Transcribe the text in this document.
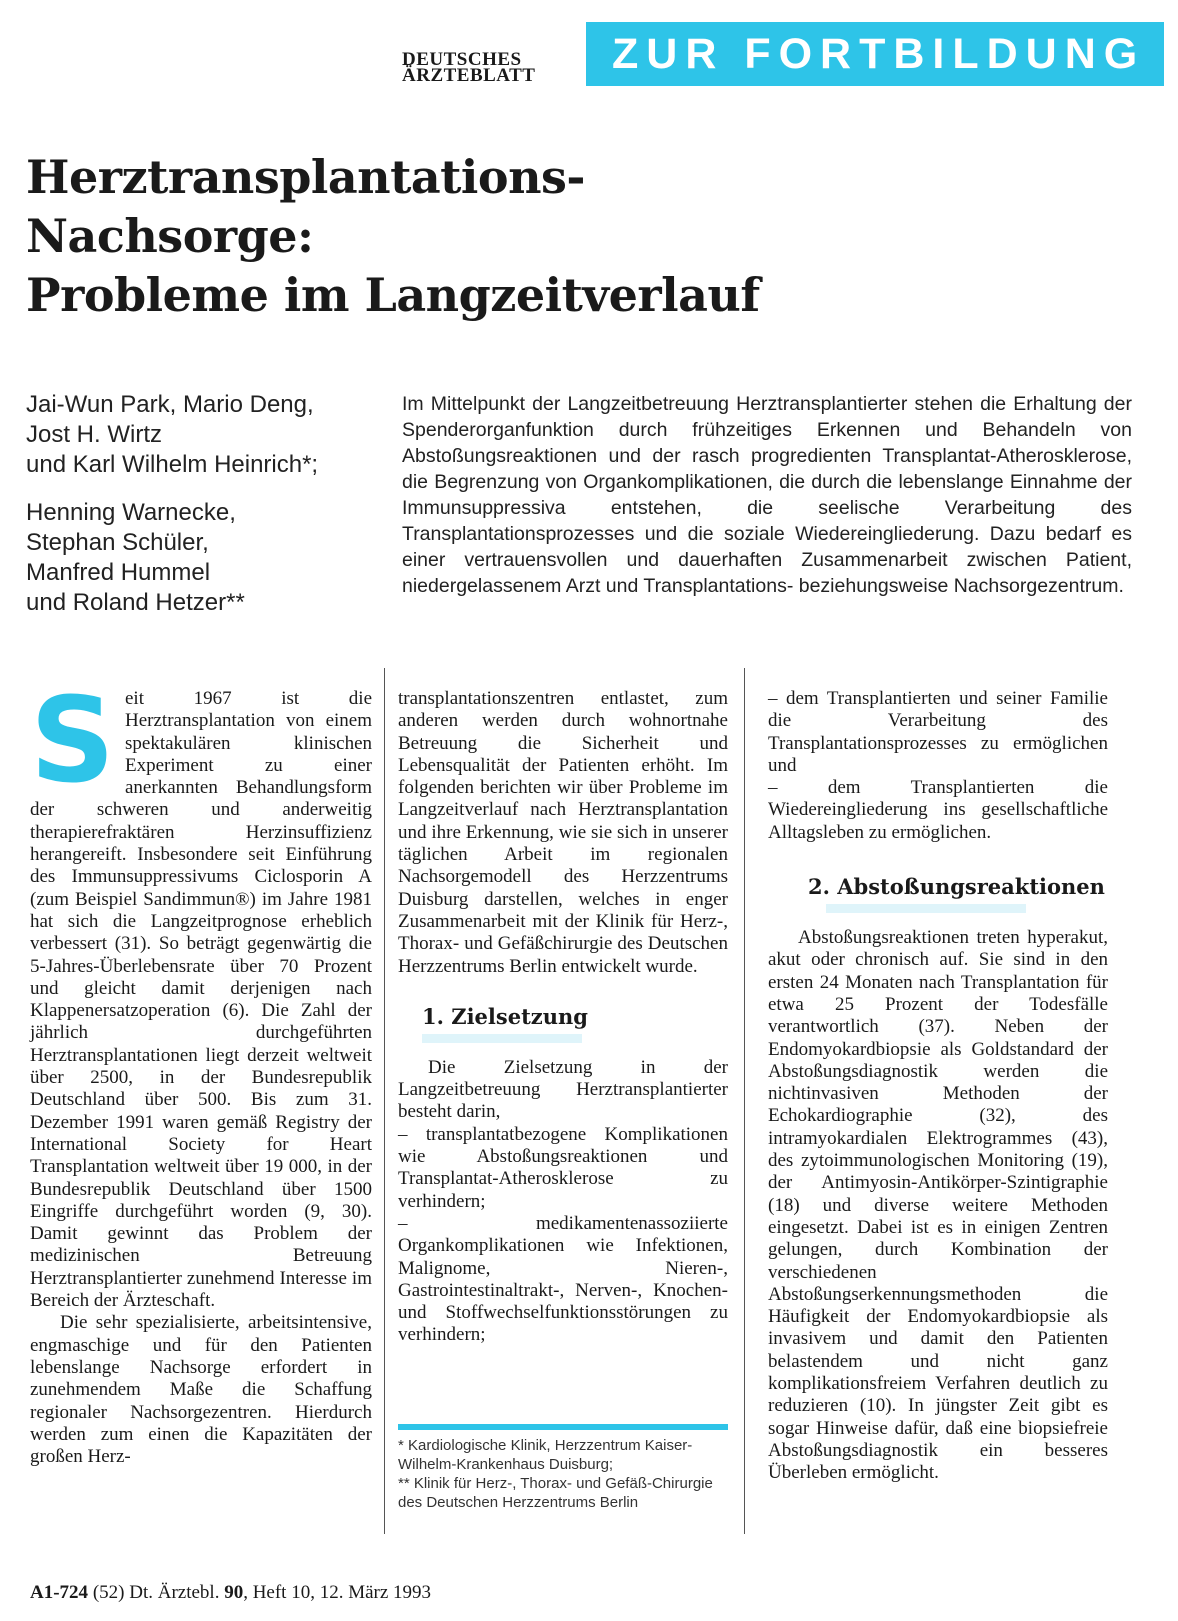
DEUTSCHES
ÄRZTEBLATT	ZUR FORTBILDUNG
Herztransplantations-
Nachsorge:
Probleme im Langzeitverlauf
Jai-Wun Park, Mario Deng,
Jost H. Wirtz
und Karl Wilhelm Heinrich*;
Henning Warnecke,
Stephan Schüler,
Manfred Hummel
und Roland Hetzer**
Im Mittelpunkt der Langzeitbetreuung Herztransplantierter stehen die Erhaltung der Spenderorganfunktion durch frühzeitiges Erkennen und Behandeln von Abstoßungsreaktionen und der rasch progredienten Transplantat-Atherosklerose, die Begrenzung von Organkomplikationen, die durch die lebenslange Einnahme der Immunsuppressiva entstehen, die seelische Verarbeitung des Transplantationsprozesses und die soziale Wiedereingliederung. Dazu bedarf es einer vertrauensvollen und dauerhaften Zusammenarbeit zwischen Patient, niedergelassenem Arzt und Transplantations- beziehungsweise Nachsorgezentrum.

Seit 1967 ist die Herztransplantation von einem spektakulären klinischen Experiment zu einer anerkannten Behandlungsform der schweren und anderweitig therapierefraktären Herzinsuffizienz herangereift. Insbesondere seit Einführung des Immunsuppressivums Ciclosporin A (zum Beispiel Sandimmun®) im Jahre 1981 hat sich die Langzeitprognose erheblich verbessert (31). So beträgt gegenwärtig die 5-Jahres-Überlebensrate über 70 Prozent und gleicht damit derjenigen nach Klappenersatzoperation (6). Die Zahl der jährlich durchgeführten Herztransplantationen liegt derzeit weltweit über 2500, in der Bundesrepublik Deutschland über 500. Bis zum 31. Dezember 1991 waren gemäß Registry der International Society for Heart Transplantation weltweit über 19 000, in der Bundesrepublik Deutschland über 1500 Eingriffe durchgeführt worden (9, 30). Damit gewinnt das Problem der medizinischen Betreuung Herztransplantierter zunehmend Interesse im Bereich der Ärzteschaft.

Die sehr spezialisierte, arbeitsintensive, engmaschige und für den Patienten lebenslange Nachsorge erfordert in zunehmendem Maße die Schaffung regionaler Nachsorgezentren. Hierdurch werden zum einen die Kapazitäten der großen Herz-

transplantationszentren entlastet, zum anderen werden durch wohnortnahe Betreuung die Sicherheit und Lebensqualität der Patienten erhöht. Im folgenden berichten wir über Probleme im Langzeitverlauf nach Herztransplantation und ihre Erkennung, wie sie sich in unserer täglichen Arbeit im regionalen Nachsorgemodell des Herzzentrums Duisburg darstellen, welches in enger Zusammenarbeit mit der Klinik für Herz-, Thorax- und Gefäßchirurgie des Deutschen Herzzentrums Berlin entwickelt wurde.

1. Zielsetzung

Die Zielsetzung in der Langzeitbetreuung Herztransplantierter besteht darin,

– transplantatbezogene Komplikationen wie Abstoßungsreaktionen und Transplantat-Atherosklerose zu verhindern;

– medikamentenassoziierte Organkomplikationen wie Infektionen, Malignome, Nieren-, Gastrointestinaltrakt-, Nerven-, Knochen- und Stoffwechselfunktionsstörungen zu verhindern;

* Kardiologische Klinik, Herzzentrum Kaiser-Wilhelm-Krankenhaus Duisburg;
** Klinik für Herz-, Thorax- und Gefäß-Chirurgie des Deutschen Herzzentrums Berlin

– dem Transplantierten und seiner Familie die Verarbeitung des Transplantationsprozesses zu ermöglichen und

– dem Transplantierten die Wiedereingliederung ins gesellschaftliche Alltagsleben zu ermöglichen.

2. Abstoßungsreaktionen

Abstoßungsreaktionen treten hyperakut, akut oder chronisch auf. Sie sind in den ersten 24 Monaten nach Transplantation für etwa 25 Prozent der Todesfälle verantwortlich (37). Neben der Endomyokardbiopsie als Goldstandard der Abstoßungsdiagnostik werden die nichtinvasiven Methoden der Echokardiographie (32), des intramyokardialen Elektrogrammes (43), des zytoimmunologischen Monitoring (19), der Antimyosin-Antikörper-Szintigraphie (18) und diverse weitere Methoden eingesetzt. Dabei ist es in einigen Zentren gelungen, durch Kombination der verschiedenen Abstoßungserkennungsmethoden die Häufigkeit der Endomyokardbiopsie als invasivem und damit den Patienten belastendem und nicht ganz komplikationsfreiem Verfahren deutlich zu reduzieren (10). In jüngster Zeit gibt es sogar Hinweise dafür, daß eine biopsiefreie Abstoßungsdiagnostik ein besseres Überleben ermöglicht.

A1-724 (52) Dt. Ärztebl. 90, Heft 10, 12. März 1993
